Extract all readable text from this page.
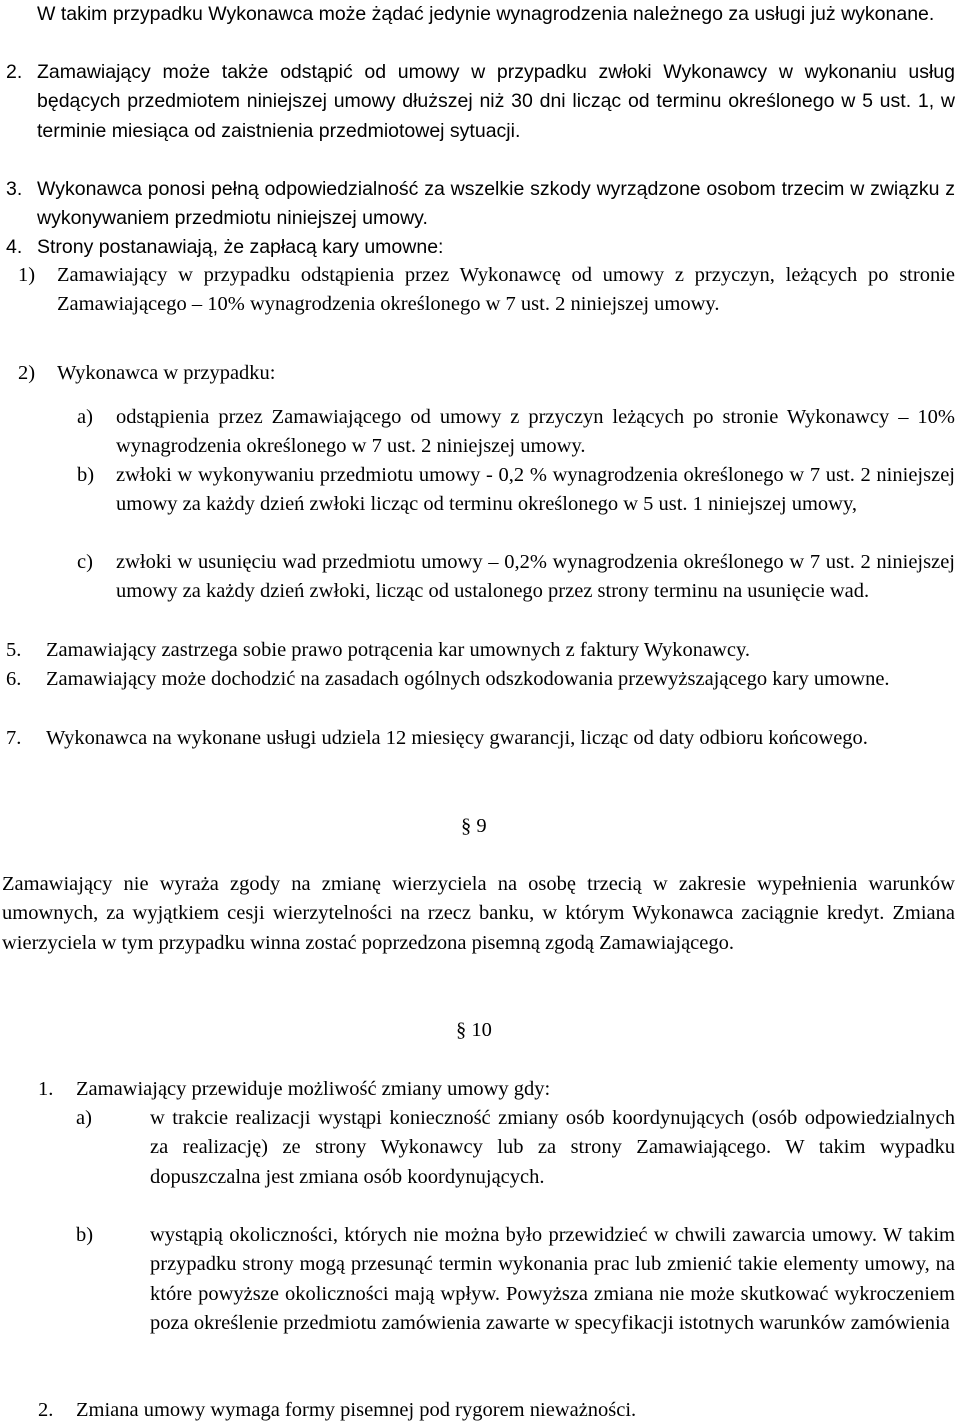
W takim przypadku Wykonawca może żądać jedynie wynagrodzenia należnego za usługi już wykonane.
2. Zamawiający może także odstąpić od umowy w przypadku zwłoki Wykonawcy w wykonaniu usług będących przedmiotem niniejszej umowy dłuższej niż 30 dni licząc od terminu określonego w 5 ust. 1, w terminie miesiąca od zaistnienia przedmiotowej sytuacji.
3. Wykonawca ponosi pełną odpowiedzialność za wszelkie szkody wyrządzone osobom trzecim w związku z wykonywaniem przedmiotu niniejszej umowy.
4. Strony postanawiają, że zapłacą kary umowne:
1)	Zamawiający w przypadku odstąpienia przez Wykonawcę od umowy z przyczyn, leżących po stronie Zamawiającego – 10% wynagrodzenia określonego w 7 ust. 2 niniejszej umowy.
2)	Wykonawca w przypadku:
a)	odstąpienia przez Zamawiającego od umowy z przyczyn leżących po stronie Wykonawcy – 10% wynagrodzenia określonego w 7 ust. 2 niniejszej umowy.
b)	zwłoki w wykonywaniu przedmiotu umowy - 0,2 % wynagrodzenia określonego w 7 ust. 2 niniejszej umowy za każdy dzień zwłoki licząc od terminu określonego w 5 ust. 1 niniejszej umowy,
c)	zwłoki w usunięciu wad przedmiotu umowy – 0,2% wynagrodzenia określonego w 7 ust. 2 niniejszej umowy za każdy dzień zwłoki, licząc od ustalonego przez strony terminu na usunięcie wad.
5.	Zamawiający zastrzega sobie prawo potrącenia kar umownych z faktury Wykonawcy.
6.	Zamawiający może dochodzić na zasadach ogólnych odszkodowania przewyższającego kary umowne.
7.	Wykonawca na wykonane usługi udziela 12 miesięcy gwarancji, licząc od daty odbioru końcowego.
§ 9
Zamawiający nie wyraża zgody na zmianę wierzyciela na osobę trzecią w zakresie wypełnienia warunków umownych, za wyjątkiem cesji wierzytelności na rzecz banku, w którym Wykonawca zaciągnie kredyt. Zmiana wierzyciela w tym przypadku winna zostać poprzedzona pisemną zgodą Zamawiającego.
§ 10
1.	Zamawiający przewiduje możliwość zmiany umowy gdy:
a)	w trakcie realizacji wystąpi konieczność zmiany osób koordynujących (osób odpowiedzialnych za realizację) ze strony Wykonawcy lub za strony Zamawiającego. W takim wypadku dopuszczalna jest zmiana osób koordynujących.
b)	wystąpią okoliczności, których nie można było przewidzieć w chwili zawarcia umowy. W takim przypadku strony mogą przesunąć termin wykonania prac lub zmienić takie elementy umowy, na które powyższe okoliczności mają wpływ. Powyższa zmiana nie może skutkować wykroczeniem poza określenie przedmiotu zamówienia zawarte w specyfikacji istotnych warunków zamówienia
2.	Zmiana umowy wymaga formy pisemnej pod rygorem nieważności.
